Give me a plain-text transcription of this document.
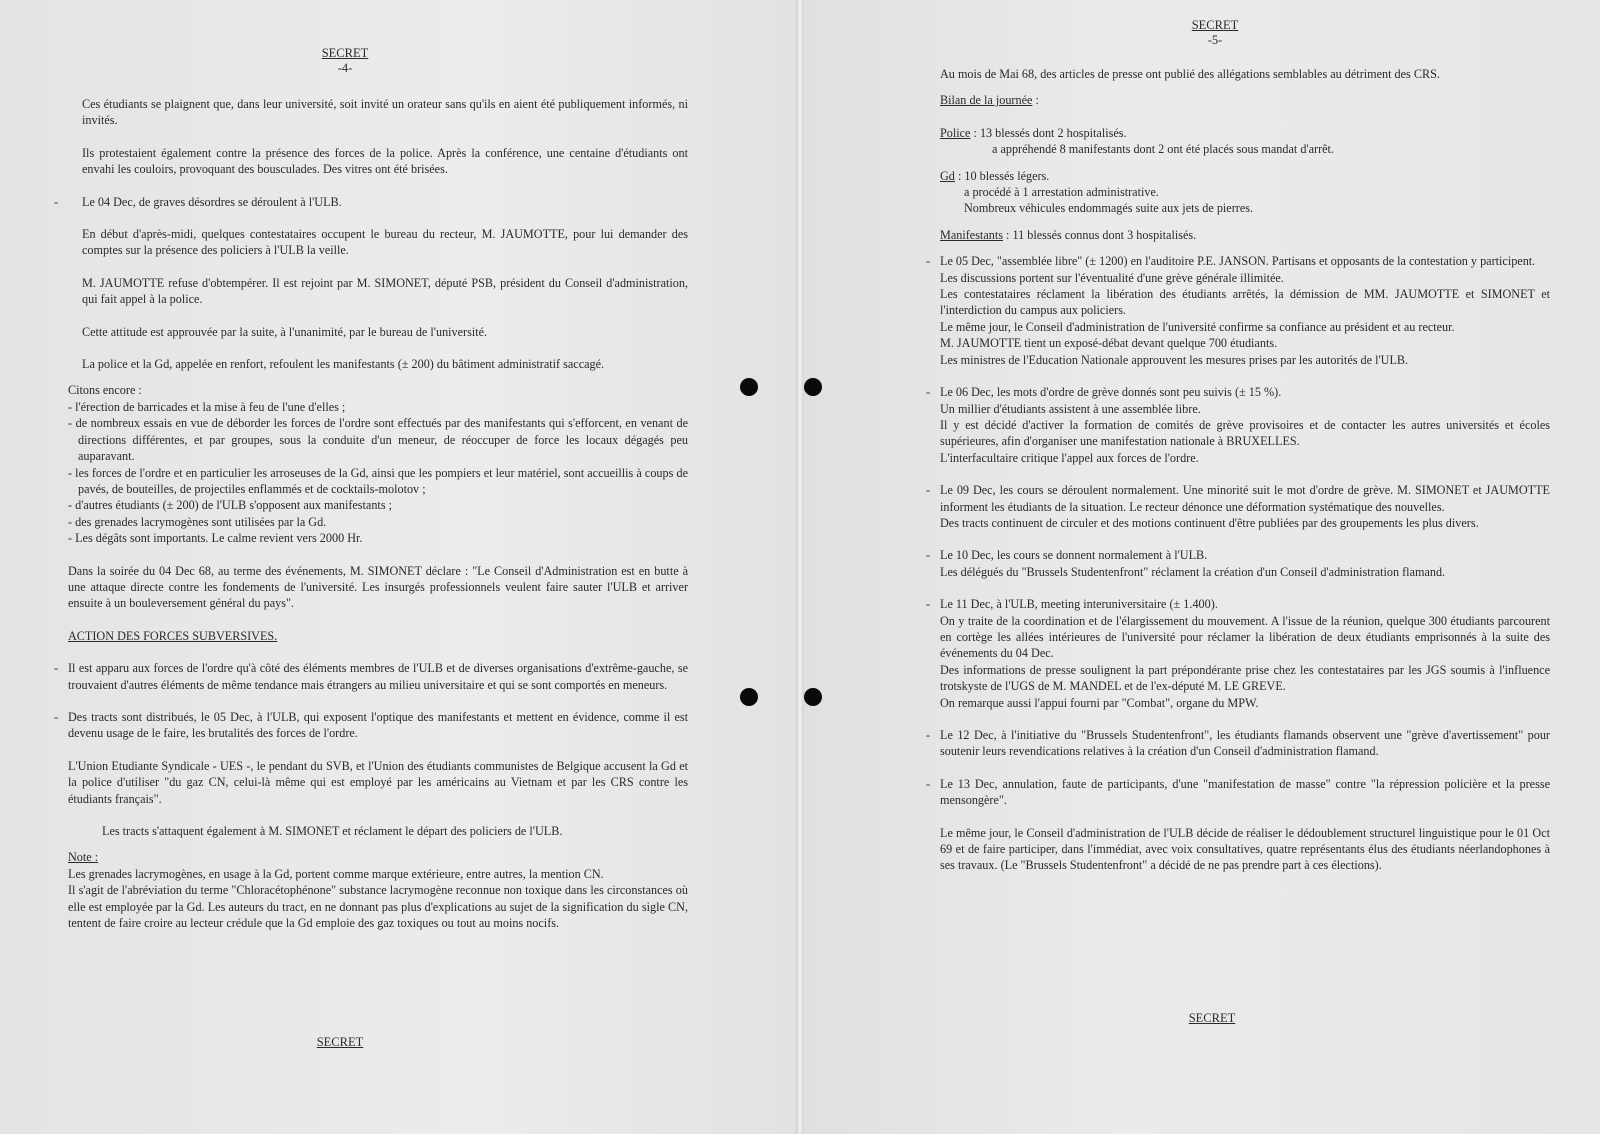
SECRET
-4-

Ces étudiants se plaignent que, dans leur université, soit invité un orateur sans qu'ils en aient été publiquement informés, ni invités.

Ils protestaient également contre la présence des forces de la police. Après la conférence, une centaine d'étudiants ont envahi les couloirs, provoquant des bousculades. Des vitres ont été brisées.

- Le 04 Dec, de graves désordres se déroulent à l'ULB.

En début d'après-midi, quelques contestataires occupent le bureau du recteur, M. JAUMOTTE, pour lui demander des comptes sur la présence des policiers à l'ULB la veille.

M. JAUMOTTE refuse d'obtempérer. Il est rejoint par M. SIMONET, député PSB, président du Conseil d'administration, qui fait appel à la police.

Cette attitude est approuvée par la suite, à l'unanimité, par le bureau de l'université.

La police et la Gd, appelée en renfort, refoulent les manifestants (± 200) du bâtiment administratif saccagé.

Citons encore :

- l'érection de barricades et la mise à feu de l'une d'elles ;

- de nombreux essais en vue de déborder les forces de l'ordre sont effectués par des manifestants qui s'efforcent, en venant de directions différentes, et par groupes, sous la conduite d'un meneur, de réoccuper de force les locaux dégagés peu auparavant.

- les forces de l'ordre et en particulier les arroseuses de la Gd, ainsi que les pompiers et leur matériel, sont accueillis à coups de pavés, de bouteilles, de projectiles enflammés et de cocktails-molotov ;

- d'autres étudiants (± 200) de l'ULB s'opposent aux manifestants ;

- des grenades lacrymogènes sont utilisées par la Gd.

- Les dégâts sont importants. Le calme revient vers 2000 Hr.

Dans la soirée du 04 Dec 68, au terme des événements, M. SIMONET déclare : "Le Conseil d'Administration est en butte à une attaque directe contre les fondements de l'université. Les insurgés professionnels veulent faire sauter l'ULB et arriver ensuite à un bouleversement général du pays".

ACTION DES FORCES SUBVERSIVES.

- Il est apparu aux forces de l'ordre qu'à côté des éléments membres de l'ULB et de diverses organisations d'extrême-gauche, se trouvaient d'autres éléments de même tendance mais étrangers au milieu universitaire et qui se sont comportés en meneurs.

- Des tracts sont distribués, le 05 Dec, à l'ULB, qui exposent l'optique des manifestants et mettent en évidence, comme il est devenu usage de le faire, les brutalités des forces de l'ordre.

L'Union Etudiante Syndicale - UES -, le pendant du SVB, et l'Union des étudiants communistes de Belgique accusent la Gd et la police d'utiliser "du gaz CN, celui-là même qui est employé par les américains au Vietnam et par les CRS contre les étudiants français".

Les tracts s'attaquent également à M. SIMONET et réclament le départ des policiers de l'ULB.

Note :

Les grenades lacrymogènes, en usage à la Gd, portent comme marque extérieure, entre autres, la mention CN.

Il s'agit de l'abréviation du terme "Chloracétophénone" substance lacrymogène reconnue non toxique dans les circonstances où elle est employée par la Gd. Les auteurs du tract, en ne donnant pas plus d'explications au sujet de la signification du sigle CN, tentent de faire croire au lecteur crédule que la Gd emploie des gaz toxiques ou tout au moins nocifs.

SECRET
SECRET
-5-

Au mois de Mai 68, des articles de presse ont publié des allégations semblables au détriment des CRS.

Bilan de la journée :

Police : 13 blessés dont 2 hospitalisés.

a appréhendé 8 manifestants dont 2 ont été placés sous mandat d'arrêt.

Gd : 10 blessés légers.

a procédé à 1 arrestation administrative.

Nombreux véhicules endommagés suite aux jets de pierres.

Manifestants : 11 blessés connus dont 3 hospitalisés.

- Le 05 Dec, "assemblée libre" (± 1200) en l'auditoire P.E. JANSON. Partisans et opposants de la contestation y participent.

Les discussions portent sur l'éventualité d'une grève générale illimitée.

Les contestataires réclament la libération des étudiants arrêtés, la démission de MM. JAUMOTTE et SIMONET et l'interdiction du campus aux policiers.

Le même jour, le Conseil d'administration de l'université confirme sa confiance au président et au recteur.

M. JAUMOTTE tient un exposé-débat devant quelque 700 étudiants.

Les ministres de l'Education Nationale approuvent les mesures prises par les autorités de l'ULB.

- Le 06 Dec, les mots d'ordre de grève donnés sont peu suivis (± 15 %).

Un millier d'étudiants assistent à une assemblée libre.

Il y est décidé d'activer la formation de comités de grève provisoires et de contacter les autres universités et écoles supérieures, afin d'organiser une manifestation nationale à BRUXELLES.

L'interfacultaire critique l'appel aux forces de l'ordre.

- Le 09 Dec, les cours se déroulent normalement. Une minorité suit le mot d'ordre de grève. M. SIMONET et JAUMOTTE informent les étudiants de la situation. Le recteur dénonce une déformation systématique des nouvelles.

Des tracts continuent de circuler et des motions continuent d'être publiées par des groupements les plus divers.

- Le 10 Dec, les cours se donnent normalement à l'ULB.

Les délégués du "Brussels Studentenfront" réclament la création d'un Conseil d'administration flamand.

- Le 11 Dec, à l'ULB, meeting interuniversitaire (± 1.400).

On y traite de la coordination et de l'élargissement du mouvement. A l'issue de la réunion, quelque 300 étudiants parcourent en cortège les allées intérieures de l'université pour réclamer la libération de deux étudiants emprisonnés à la suite des événements du 04 Dec.

Des informations de presse soulignent la part prépondérante prise chez les contestataires par les JGS soumis à l'influence trotskyste de l'UGS de M. MANDEL et de l'ex-député M. LE GREVE.

On remarque aussi l'appui fourni par "Combat", organe du MPW.

- Le 12 Dec, à l'initiative du "Brussels Studentenfront", les étudiants flamands observent une "grève d'avertissement" pour soutenir leurs revendications relatives à la création d'un Conseil d'administration flamand.

- Le 13 Dec, annulation, faute de participants, d'une "manifestation de masse" contre "la répression policière et la presse mensongère".

Le même jour, le Conseil d'administration de l'ULB décide de réaliser le dédoublement structurel linguistique pour le 01 Oct 69 et de faire participer, dans l'immédiat, avec voix consultatives, quatre représentants élus des étudiants néerlandophones à ses travaux. (Le "Brussels Studentenfront" a décidé de ne pas prendre part à ces élections).

SECRET
